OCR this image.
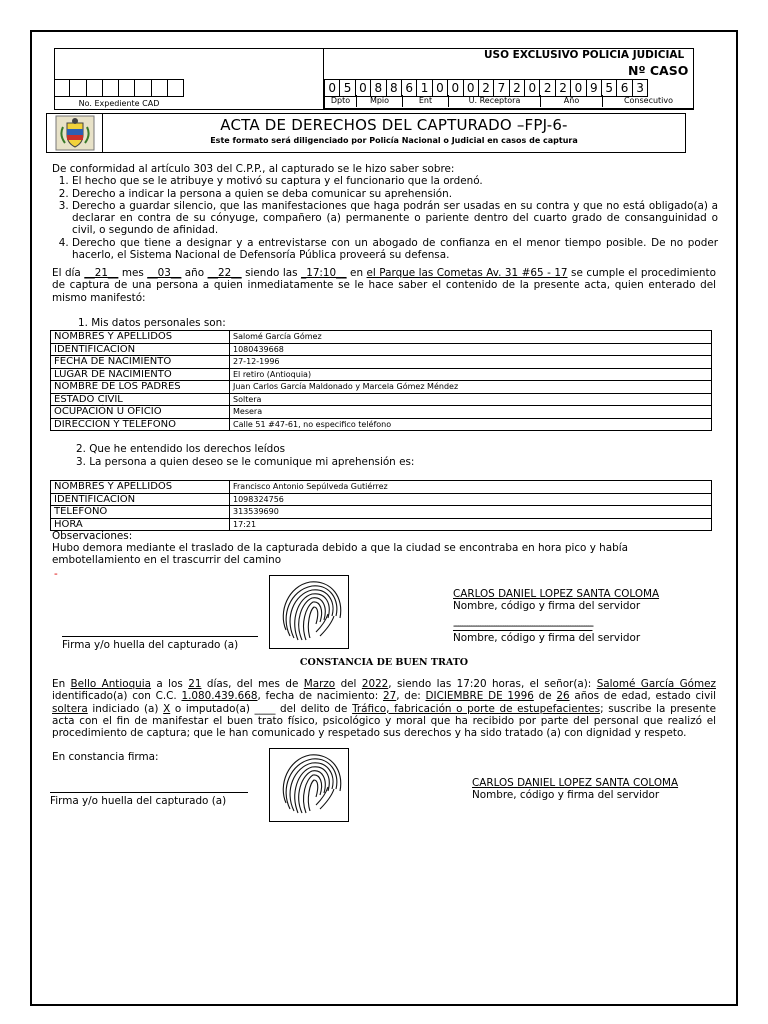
No. Expediente CAD
USO EXCLUSIVO POLICIA JUDICIAL
Nº CASO
0 5 0 8 8 6 1 0 0 0 2 7 2 0 2 2 0 9 5 6 3
Dpto	Mpio	Ent	U. Receptora	Año	Consecutivo
ACTA DE DERECHOS DEL CAPTURADO –FPJ-6-
Este formato será diligenciado por Policía Nacional o Judicial en casos de captura
De conformidad al artículo 303 del C.P.P., al capturado se le hizo saber sobre:
1. El hecho que se le atribuye y motivó su captura y el funcionario que la ordenó.
2. Derecho a indicar la persona a quien se deba comunicar su aprehensión.
3. Derecho a guardar silencio, que las manifestaciones que haga podrán ser usadas en su contra y que no está obligado(a) a declarar en contra de su cónyuge, compañero (a) permanente o pariente dentro del cuarto grado de consanguinidad o civil, o segundo de afinidad.
4. Derecho que tiene a designar y a entrevistarse con un abogado de confianza en el menor tiempo posible. De no poder hacerlo, el Sistema Nacional de Defensoría Pública proveerá su defensa.
El día __21__ mes __03__ año __22__ siendo las _17:10__ en el Parque las Cometas Av. 31 #65 - 17 se cumple el procedimiento de captura de una persona a quien inmediatamente se le hace saber el contenido de la presente acta, quien enterado del mismo manifestó:
1. Mis datos personales son:
NOMBRES Y APELLIDOS	Salomé García Gómez
IDENTIFICACION	1080439668
FECHA DE NACIMIENTO	27-12-1996
LUGAR DE NACIMIENTO	El retiro (Antioquia)
NOMBRE DE LOS PADRES	Juan Carlos García Maldonado y Marcela Gómez Méndez
ESTADO CIVIL	Soltera
OCUPACIÓN U OFICIO	Mesera
DIRECCION Y TELEFONO	Calle 51 #47-61, no especifico teléfono
2. Que he entendido los derechos leídos
3. La persona a quien deseo se le comunique mi aprehensión es:
NOMBRES Y APELLIDOS	Francisco Antonio Sepúlveda Gutiérrez
IDENTIFICACION	1098324756
TELEFONO	313539690
HORA	17:21
Observaciones:
Hubo demora mediante el traslado de la capturada debido a que la ciudad se encontraba en hora pico y había embotellamiento en el trascurrir del camino
-
Firma y/o huella del capturado (a)
CARLOS DANIEL LOPEZ SANTA COLOMA
Nombre, código y firma del servidor
--------------------------------------------------------------
Nombre, código y firma del servidor
CONSTANCIA DE BUEN TRATO
En Bello Antioquia a los 21 días, del mes de Marzo del 2022, siendo las 17:20 horas, el señor(a): Salomé García Gómez identificado(a) con C.C. 1.080.439.668, fecha de nacimiento: 27, de: DICIEMBRE DE 1996 de 26 años de edad, estado civil soltera indiciado (a) X o imputado(a) ____ del delito de Tráfico, fabricación o porte de estupefacientes; suscribe la presente acta con el fin de manifestar el buen trato físico, psicológico y moral que ha recibido por parte del personal que realizó el procedimiento de captura; que le han comunicado y respetado sus derechos y ha sido tratado (a) con dignidad y respeto.
En constancia firma:
Firma y/o huella del capturado (a)
CARLOS DANIEL LOPEZ SANTA COLOMA
Nombre, código y firma del servidor
